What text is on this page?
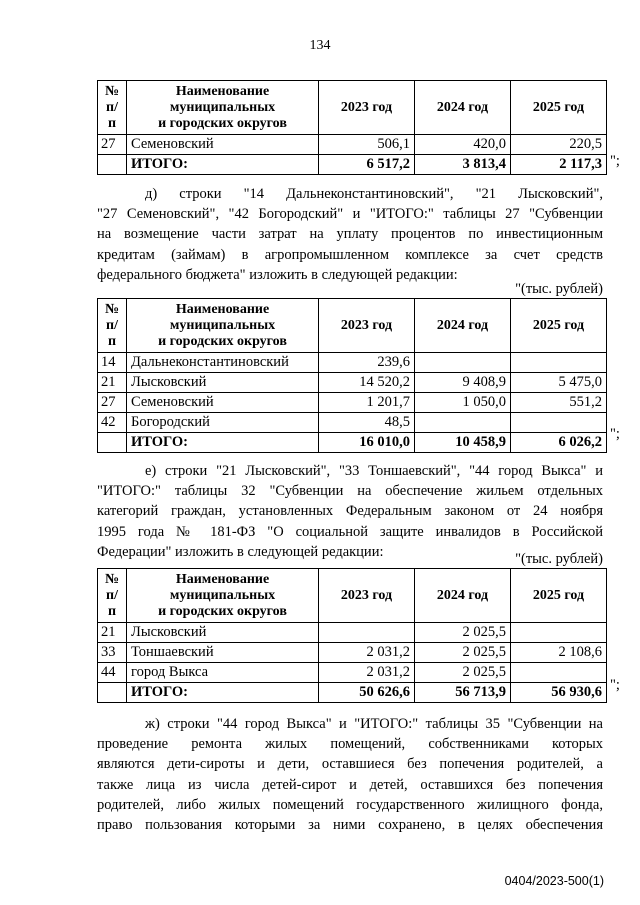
134
№ п/п	Наименование
муниципальных
и городских округов	2023 год	2024 год	2025 год
27	Семеновский	506,1	420,0	220,5
	ИТОГО:	6 517,2	3 813,4	2 117,3 ";
д) строки "14 Дальнеконстантиновский", "21 Лысковский",
"27 Семеновский", "42 Богородский" и "ИТОГО:" таблицы 27 "Субвенции
на возмещение части затрат на уплату процентов по инвестиционным
кредитам (займам) в агропромышленном комплексе за счет средств
федерального бюджета" изложить в следующей редакции:
"(тыс. рублей)
№ п/п	Наименование
муниципальных
и городских округов	2023 год	2024 год	2025 год
14	Дальнеконстантиновский	239,6		
21	Лысковский	14 520,2	9 408,9	5 475,0
27	Семеновский	1 201,7	1 050,0	551,2
42	Богородский	48,5		
	ИТОГО:	16 010,0	10 458,9	6 026,2 ";
е) строки "21 Лысковский", "33 Тоншаевский", "44 город Выкса" и
"ИТОГО:" таблицы 32 "Субвенции на обеспечение жильем отдельных
категорий граждан, установленных Федеральным законом от 24 ноября
1995 года № 181-ФЗ "О социальной защите инвалидов в Российской
Федерации" изложить в следующей редакции:	"(тыс. рублей)
№ п/п	Наименование
муниципальных
и городских округов	2023 год	2024 год	2025 год
21	Лысковский		2 025,5	
33	Тоншаевский	2 031,2	2 025,5	2 108,6
44	город Выкса	2 031,2	2 025,5	
	ИТОГО:	50 626,6	56 713,9	56 930,6 ";
ж) строки "44 город Выкса" и "ИТОГО:" таблицы 35 "Субвенции на
проведение ремонта жилых помещений, собственниками которых
являются дети-сироты и дети, оставшиеся без попечения родителей, а
также лица из числа детей-сирот и детей, оставшихся без попечения
родителей, либо жилых помещений государственного жилищного фонда,
право пользования которыми за ними сохранено, в целях обеспечения
0404/2023-500(1)
